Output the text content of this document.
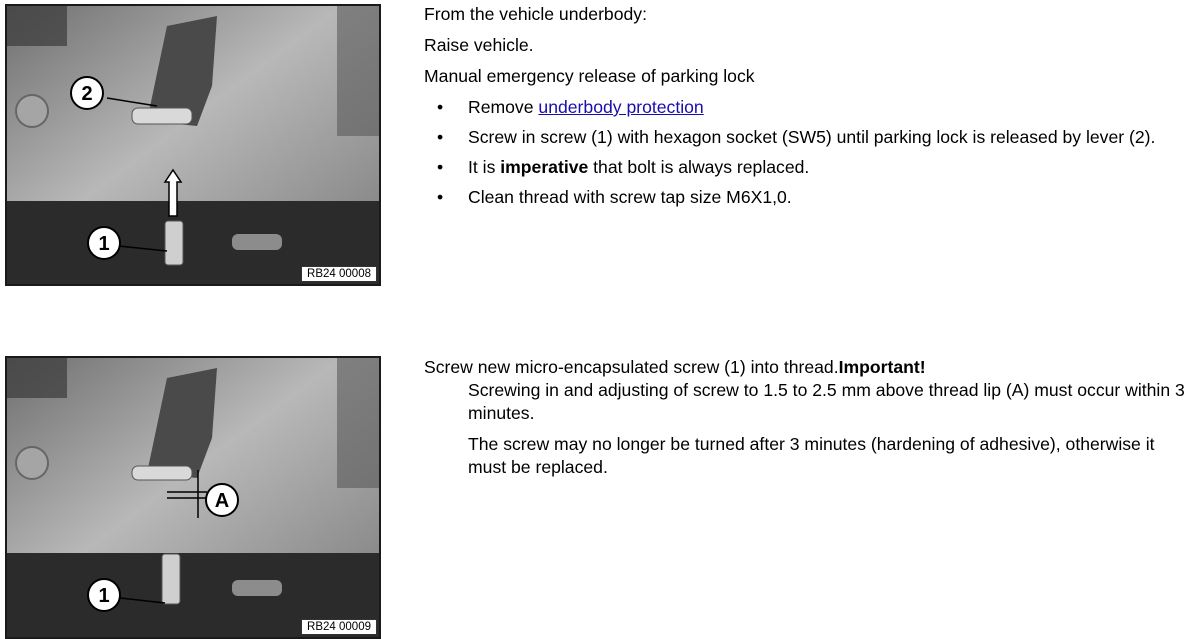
2
1
RB24 00008

From the vehicle underbody:

Raise vehicle.

Manual emergency release of parking lock

• Remove underbody protection
• Screw in screw (1) with hexagon socket (SW5) until parking lock is released by lever (2).
• It is imperative that bolt is always replaced.
• Clean thread with screw tap size M6X1,0.
A
1
RB24 00009

Screw new micro-encapsulated screw (1) into thread.Important!

Screwing in and adjusting of screw to 1.5 to 2.5 mm above thread lip (A) must occur within 3 minutes.

The screw may no longer be turned after 3 minutes (hardening of adhesive), otherwise it must be replaced.
